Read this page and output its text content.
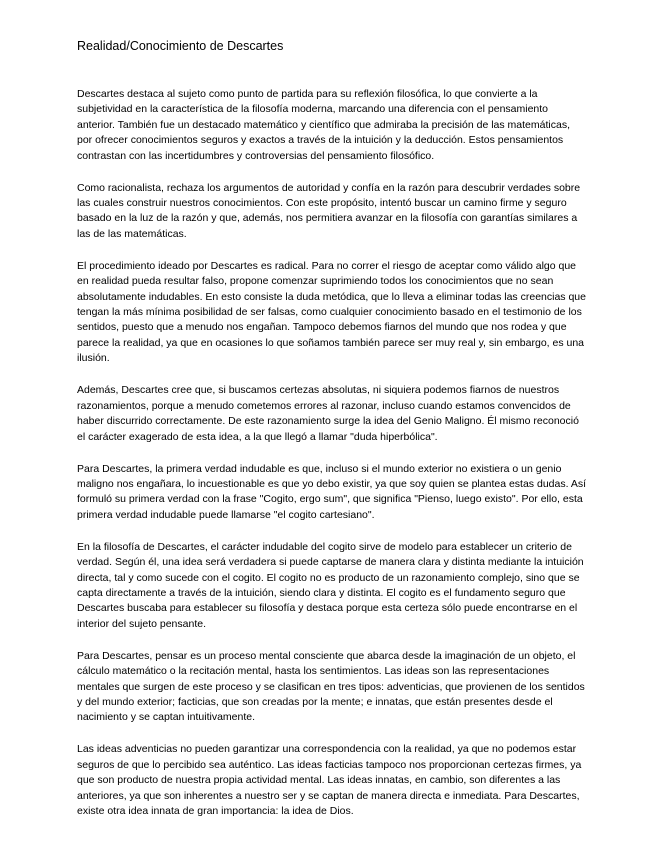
Realidad/Conocimiento de Descartes

Descartes destaca al sujeto como punto de partida para su reflexión filosófica, lo que convierte a la subjetividad en la característica de la filosofía moderna, marcando una diferencia con el pensamiento anterior. También fue un destacado matemático y científico que admiraba la precisión de las matemáticas, por ofrecer conocimientos seguros y exactos a través de la intuición y la deducción. Estos pensamientos contrastan con las incertidumbres y controversias del pensamiento filosófico.

Como racionalista, rechaza los argumentos de autoridad y confía en la razón para descubrir verdades sobre las cuales construir nuestros conocimientos. Con este propósito, intentó buscar un camino firme y seguro basado en la luz de la razón y que, además, nos permitiera avanzar en la filosofía con garantías similares a las de las matemáticas.

El procedimiento ideado por Descartes es radical. Para no correr el riesgo de aceptar como válido algo que en realidad pueda resultar falso, propone comenzar suprimiendo todos los conocimientos que no sean absolutamente indudables. En esto consiste la duda metódica, que lo lleva a eliminar todas las creencias que tengan la más mínima posibilidad de ser falsas, como cualquier conocimiento basado en el testimonio de los sentidos, puesto que a menudo nos engañan. Tampoco debemos fiarnos del mundo que nos rodea y que parece la realidad, ya que en ocasiones lo que soñamos también parece ser muy real y, sin embargo, es una ilusión.

Además, Descartes cree que, si buscamos certezas absolutas, ni siquiera podemos fiarnos de nuestros razonamientos, porque a menudo cometemos errores al razonar, incluso cuando estamos convencidos de haber discurrido correctamente. De este razonamiento surge la idea del Genio Maligno. Él mismo reconoció el carácter exagerado de esta idea, a la que llegó a llamar "duda hiperbólica".

Para Descartes, la primera verdad indudable es que, incluso si el mundo exterior no existiera o un genio maligno nos engañara, lo incuestionable es que yo debo existir, ya que soy quien se plantea estas dudas. Así formuló su primera verdad con la frase "Cogito, ergo sum", que significa "Pienso, luego existo". Por ello, esta primera verdad indudable puede llamarse "el cogito cartesiano".

En la filosofía de Descartes, el carácter indudable del cogito sirve de modelo para establecer un criterio de verdad. Según él, una idea será verdadera si puede captarse de manera clara y distinta mediante la intuición directa, tal y como sucede con el cogito. El cogito no es producto de un razonamiento complejo, sino que se capta directamente a través de la intuición, siendo clara y distinta. El cogito es el fundamento seguro que Descartes buscaba para establecer su filosofía y destaca porque esta certeza sólo puede encontrarse en el interior del sujeto pensante.

Para Descartes, pensar es un proceso mental consciente que abarca desde la imaginación de un objeto, el cálculo matemático o la recitación mental, hasta los sentimientos. Las ideas son las representaciones mentales que surgen de este proceso y se clasifican en tres tipos: adventicias, que provienen de los sentidos y del mundo exterior; facticias, que son creadas por la mente; e innatas, que están presentes desde el nacimiento y se captan intuitivamente.

Las ideas adventicias no pueden garantizar una correspondencia con la realidad, ya que no podemos estar seguros de que lo percibido sea auténtico. Las ideas facticias tampoco nos proporcionan certezas firmes, ya que son producto de nuestra propia actividad mental. Las ideas innatas, en cambio, son diferentes a las anteriores, ya que son inherentes a nuestro ser y se captan de manera directa e inmediata. Para Descartes, existe otra idea innata de gran importancia: la idea de Dios.
